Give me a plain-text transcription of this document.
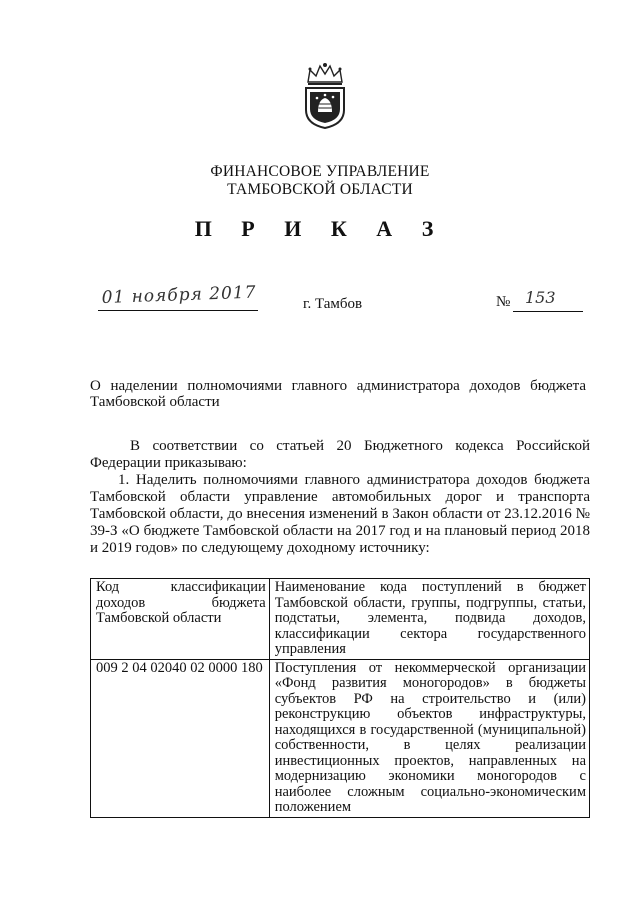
ФИНАНСОВОЕ УПРАВЛЕНИЕ
ТАМБОВСКОЙ ОБЛАСТИ
П Р И К А З
01 ноября 2017	г. Тамбов	№ 153
О наделении полномочиями главного администратора доходов бюджета Тамбовской области
В соответствии со статьей 20 Бюджетного кодекса Российской Федерации приказываю:
1. Наделить полномочиями главного администратора доходов бюджета Тамбовской области управление автомобильных дорог и транспорта Тамбовской области, до внесения изменений в Закон области от 23.12.2016 № 39-З «О бюджете Тамбовской области на 2017 год и на плановый период 2018 и 2019 годов» по следующему доходному источнику:
Код классификации доходов бюджета Тамбовской области	Наименование кода поступлений в бюджет Тамбовской области, группы, подгруппы, статьи, подстатьи, элемента, подвида доходов, классификации сектора государственного управления
009 2 04 02040 02 0000 180	Поступления от некоммерческой организации «Фонд развития моногородов» в бюджеты субъектов РФ на строительство и (или) реконструкцию объектов инфраструктуры, находящихся в государственной (муниципальной) собственности, в целях реализации инвестиционных проектов, направленных на модернизацию экономики моногородов с наиболее сложным социально-экономическим положением
